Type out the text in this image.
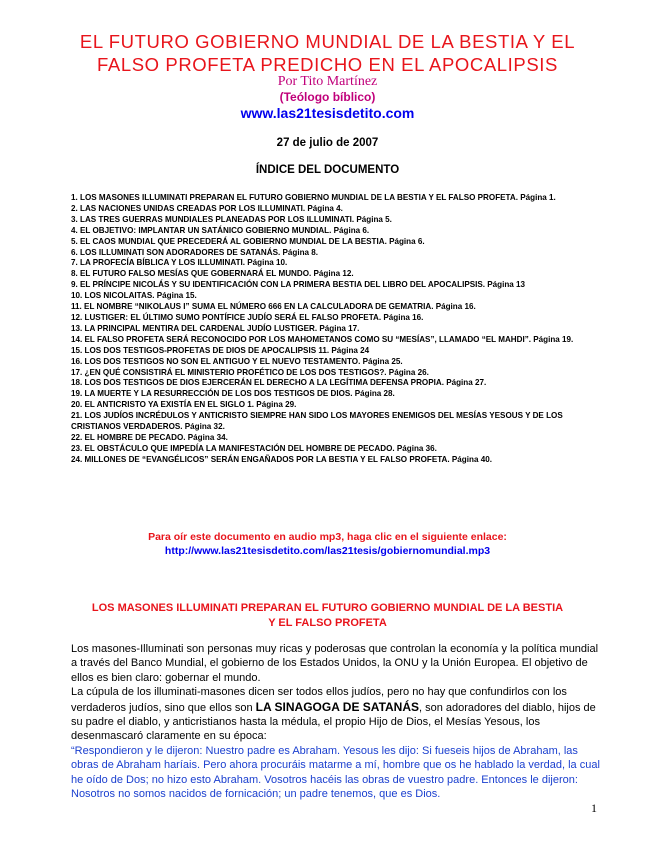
EL FUTURO GOBIERNO MUNDIAL DE LA BESTIA Y EL
FALSO PROFETA PREDICHO EN EL APOCALIPSIS
Por Tito Martínez
(Teólogo bíblico)
www.las21tesisdetito.com
27 de julio de 2007
ÍNDICE DEL DOCUMENTO
1. LOS MASONES ILLUMINATI PREPARAN EL FUTURO GOBIERNO MUNDIAL DE LA BESTIA Y EL FALSO PROFETA. Página 1.
2. LAS NACIONES UNIDAS CREADAS POR LOS ILLUMINATI. Página 4.
3. LAS TRES GUERRAS MUNDIALES PLANEADAS POR LOS ILLUMINATI. Página 5.
4. EL OBJETIVO: IMPLANTAR UN SATÁNICO GOBIERNO MUNDIAL. Página 6.
5. EL CAOS MUNDIAL QUE PRECEDERÁ AL GOBIERNO MUNDIAL DE LA BESTIA. Página 6.
6. LOS ILLUMINATI SON ADORADORES DE SATANÁS. Página 8.
7. LA PROFECÍA BÍBLICA Y LOS ILLUMINATI. Página 10.
8. EL FUTURO FALSO MESÍAS QUE GOBERNARÁ EL MUNDO. Página 12.
9. EL PRÍNCIPE NICOLÁS Y SU IDENTIFICACIÓN CON LA PRIMERA BESTIA DEL LIBRO DEL APOCALIPSIS. Página 13
10. LOS NICOLAITAS. Página 15.
11. EL NOMBRE “NIKOLAUS I” SUMA EL NÚMERO 666 EN LA CALCULADORA DE GEMATRIA. Página 16.
12. LUSTIGER: EL ÚLTIMO SUMO PONTÍFICE JUDÍO SERÁ EL FALSO PROFETA. Página 16.
13. LA PRINCIPAL MENTIRA DEL CARDENAL JUDÍO LUSTIGER. Página 17.
14. EL FALSO PROFETA SERÁ RECONOCIDO POR LOS MAHOMETANOS COMO SU “MESÍAS”, LLAMADO “EL MAHDI”. Página 19.
15. LOS DOS TESTIGOS-PROFETAS DE DIOS DE APOCALIPSIS 11. Página 24
16. LOS DOS TESTIGOS NO SON EL ANTIGUO Y EL NUEVO TESTAMENTO. Página 25.
17. ¿EN QUÉ CONSISTIRÁ EL MINISTERIO PROFÉTICO DE LOS DOS TESTIGOS?. Página 26.
18. LOS DOS TESTIGOS DE DIOS EJERCERÁN EL DERECHO A LA LEGÍTIMA DEFENSA PROPIA. Página 27.
19. LA MUERTE Y LA RESURRECCIÓN DE LOS DOS TESTIGOS DE DIOS. Página 28.
20. EL ANTICRISTO YA EXISTÍA EN EL SIGLO 1. Página 29.
21. LOS JUDÍOS INCRÉDULOS Y ANTICRISTO SIEMPRE HAN SIDO LOS MAYORES ENEMIGOS DEL MESÍAS YESOUS Y DE LOS CRISTIANOS VERDADEROS. Página 32.
22. EL HOMBRE DE PECADO. Página 34.
23. EL OBSTÁCULO QUE IMPEDÍA LA MANIFESTACIÓN DEL HOMBRE DE PECADO. Página 36.
24. MILLONES DE “EVANGÉLICOS” SERÁN ENGAÑADOS POR LA BESTIA Y EL FALSO PROFETA. Página 40.
Para oír este documento en audio mp3, haga clic en el siguiente enlace:
http://www.las21tesisdetito.com/las21tesis/gobiernomundial.mp3
LOS MASONES ILLUMINATI PREPARAN EL FUTURO GOBIERNO MUNDIAL DE LA BESTIA
Y EL FALSO PROFETA

Los masones-Illuminati son personas muy ricas y poderosas que controlan la economía y la política mundial a través del Banco Mundial, el gobierno de los Estados Unidos, la ONU y la Unión Europea. El objetivo de ellos es bien claro: gobernar el mundo.

La cúpula de los illuminati-masones dicen ser todos ellos judíos, pero no hay que confundirlos con los verdaderos judíos, sino que ellos son LA SINAGOGA DE SATANÁS, son adoradores del diablo, hijos de su padre el diablo, y anticristianos hasta la médula, el propio Hijo de Dios, el Mesías Yesous, los desenmascaró claramente en su época:

“Respondieron y le dijeron: Nuestro padre es Abraham. Yesous les dijo: Si fueseis hijos de Abraham, las obras de Abraham haríais. Pero ahora procuráis matarme a mí, hombre que os he hablado la verdad, la cual he oído de Dos; no hizo esto Abraham. Vosotros hacéis las obras de vuestro padre. Entonces le dijeron: Nosotros no somos nacidos de fornicación; un padre tenemos, que es Dios.

1
